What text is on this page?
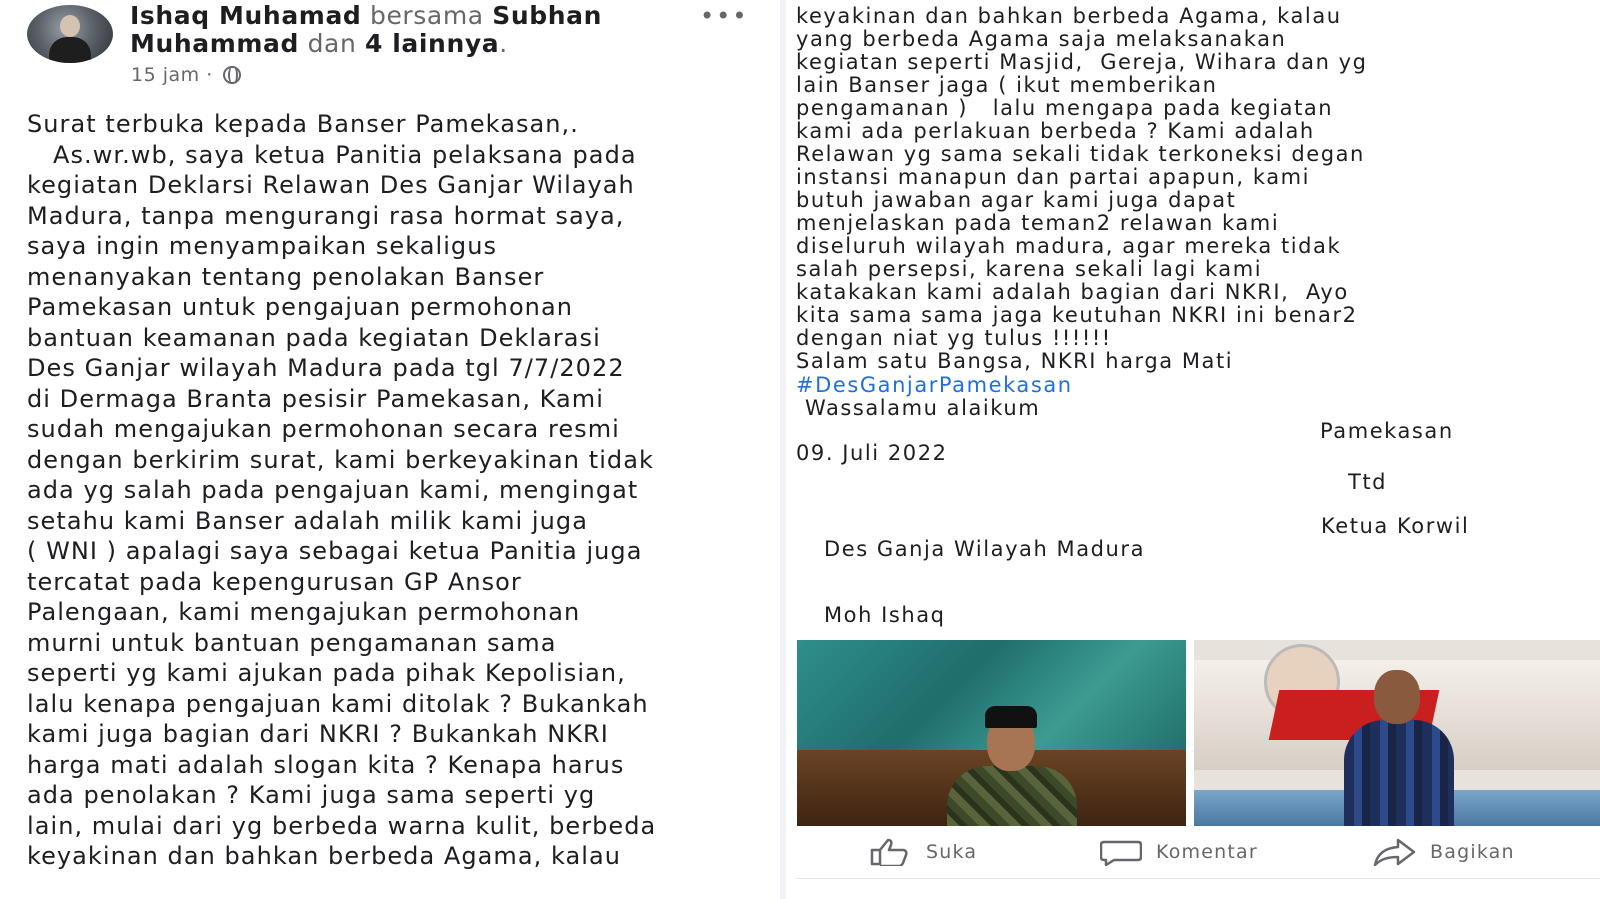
Ishaq Muhamad bersama Subhan Muhammad dan 4 lainnya.
•••
15 jam ·
Surat terbuka kepada Banser Pamekasan,.
As.wr.wb, saya ketua Panitia pelaksana pada
kegiatan Deklarsi Relawan Des Ganjar Wilayah
Madura, tanpa mengurangi rasa hormat saya,
saya ingin menyampaikan sekaligus
menanyakan tentang penolakan Banser
Pamekasan untuk pengajuan permohonan
bantuan keamanan pada kegiatan Deklarasi
Des Ganjar wilayah Madura pada tgl 7/7/2022
di Dermaga Branta pesisir Pamekasan, Kami
sudah mengajukan permohonan secara resmi
dengan berkirim surat, kami berkeyakinan tidak
ada yg salah pada pengajuan kami, mengingat
setahu kami Banser adalah milik kami juga
( WNI ) apalagi saya sebagai ketua Panitia juga
tercatat pada kepengurusan GP Ansor
Palengaan, kami mengajukan permohonan
murni untuk bantuan pengamanan sama
seperti yg kami ajukan pada pihak Kepolisian,
lalu kenapa pengajuan kami ditolak ? Bukankah
kami juga bagian dari NKRI ? Bukankah NKRI
harga mati adalah slogan kita ? Kenapa harus
ada penolakan ? Kami juga sama seperti yg
lain, mulai dari yg berbeda warna kulit, berbeda
keyakinan dan bahkan berbeda Agama, kalau
keyakinan dan bahkan berbeda Agama, kalau
yang berbeda Agama saja melaksanakan
kegiatan seperti Masjid,  Gereja, Wihara dan yg
lain Banser jaga ( ikut memberikan
pengamanan )   lalu mengapa pada kegiatan
kami ada perlakuan berbeda ? Kami adalah
Relawan yg sama sekali tidak terkoneksi degan
instansi manapun dan partai apapun, kami
butuh jawaban agar kami juga dapat
menjelaskan pada teman2 relawan kami
diseluruh wilayah madura, agar mereka tidak
salah persepsi, karena sekali lagi kami
katakakan kami adalah bagian dari NKRI,  Ayo
kita sama sama jaga keutuhan NKRI ini benar2
dengan niat yg tulus !!!!!!
Salam satu Bangsa, NKRI harga Mati
#DesGanjarPamekasan
Wassalamu alaikum
Pamekasan
09. Juli 2022
Ttd
Ketua Korwil
Des Ganja Wilayah Madura
Moh Ishaq
Suka	Komentar	Bagikan
